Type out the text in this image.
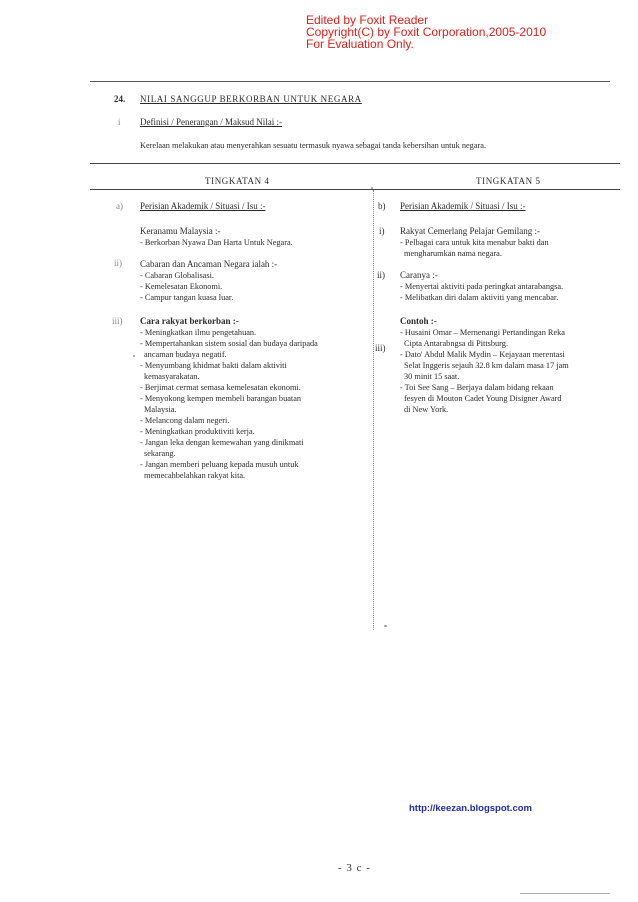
Edited by Foxit Reader
Copyright(C) by Foxit Corporation,2005-2010
For Evaluation Only.
24. NILAI SANGGUP BERKORBAN UNTUK NEGARA
i Definisi / Penerangan / Maksud Nilai :-
Kerelaan melakukan atau menyerahkan sesuatu termasuk nyawa sebagai tanda kebersihan untuk negara.
TINGKATAN 4	TINGKATAN 5
a) Perisian Akademik / Situasi / Isu :-
Keranamu Malaysia :-
- Berkorban Nyawa Dan Harta Untuk Negara.
ii) Cabaran dan Ancaman Negara ialah :-
- Cabaran Globalisasi.
- Kemelesatan Ekonomi.
- Campur tangan kuasa luar.
iii) Cara rakyat berkorban :-
- Meningkatkan ilmu pengetahuan.
- Mempertahankan sistem sosial dan budaya daripada
ancaman budaya negatif.
- Menyumbang khidmat bakti dalam aktiviti
kemasyarakatan.
- Berjimat cermat semasa kemelesatan ekonomi.
- Menyokong kempen membeli barangan buatan
Malaysia.
- Melancong dalam negeri.
- Meningkatkan produktiviti kerja.
- Jangan leka dengan kemewahan yang dinikmati
sekarang.
- Jangan memberi peluang kepada musuh untuk
memecahbelahkan rakyat kita.
b) Perisian Akademik / Situasi / Isu :-
i) Rakyat Cemerlang Pelajar Gemilang :-
- Pelbagai cara untuk kita menabur bakti dan
mengharumkan nama negara.
ii) Caranya :-
- Menyertai aktiviti pada peringkat antarabangsa.
- Melibatkan diri dalam aktiviti yang mencabar.
Contoh :-
iii)
- Husaini Omar – Mernenangi Pertandingan Reka
Cipta Antarabngsa di Pittsburg.
- Dato' Abdul Malik Mydin – Kejayaan merentasi
Selat Inggeris sejauh 32.8 km dalam masa 17 jam
30 minit 15 saat.
- Toi See Sang – Berjaya dalam bidang rekaan
fesyen di Mouton Cadet Young Disigner Award
di New York.
http://keezan.blogspot.com
- 3 c -
